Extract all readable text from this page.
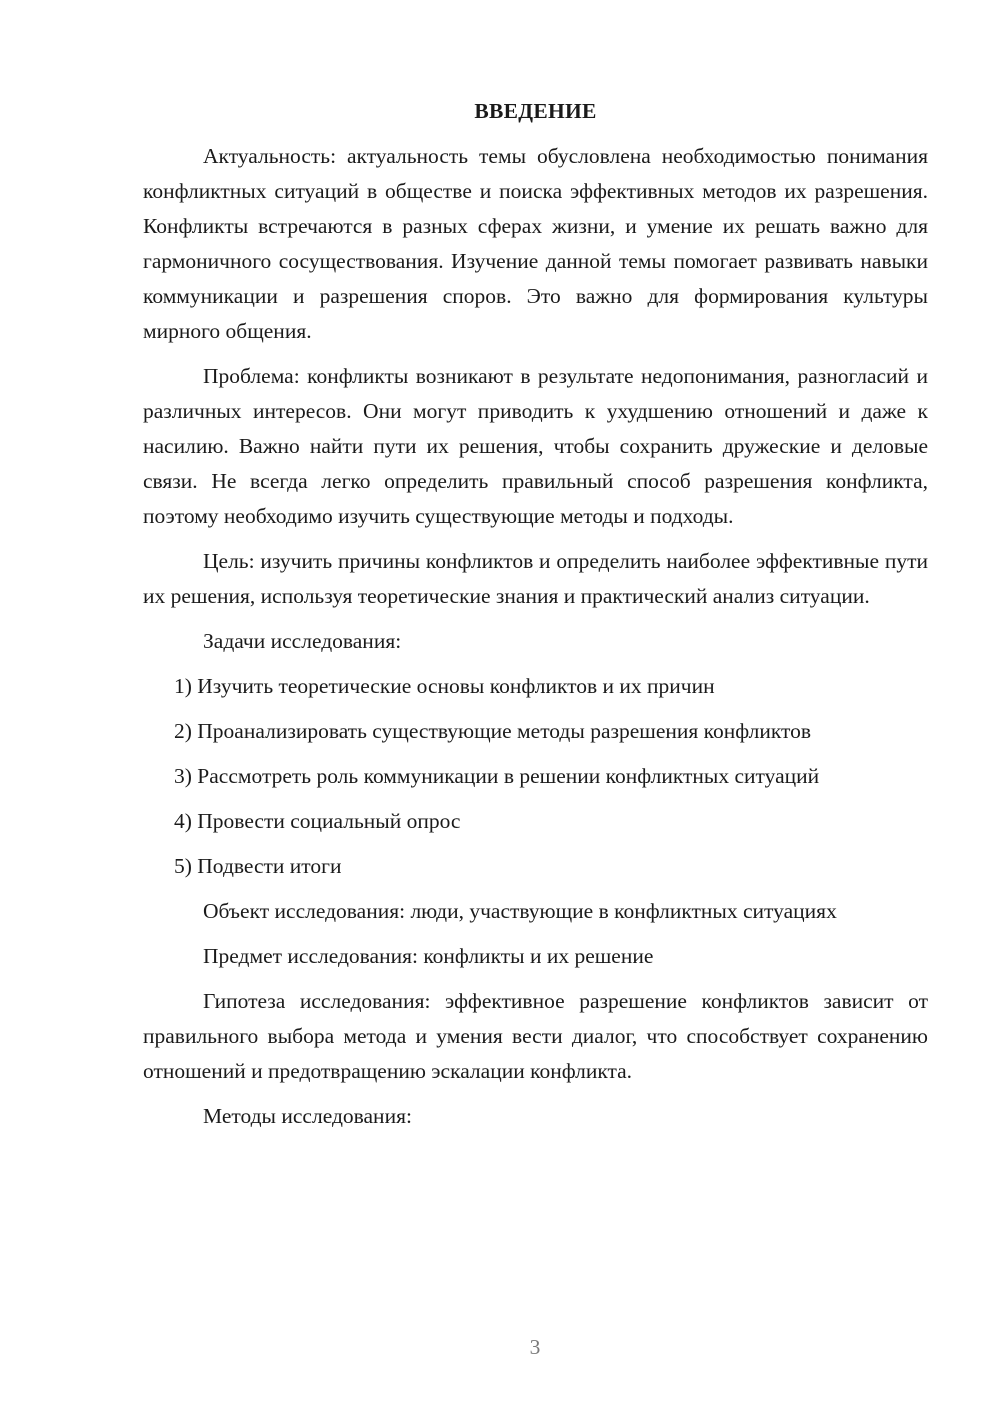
ВВЕДЕНИЕ

Актуальность: актуальность темы обусловлена необходимостью понимания конфликтных ситуаций в обществе и поиска эффективных методов их разрешения. Конфликты встречаются в разных сферах жизни, и умение их решать важно для гармоничного сосуществования. Изучение данной темы помогает развивать навыки коммуникации и разрешения споров. Это важно для формирования культуры мирного общения.

Проблема: конфликты возникают в результате недопонимания, разногласий и различных интересов. Они могут приводить к ухудшению отношений и даже к насилию. Важно найти пути их решения, чтобы сохранить дружеские и деловые связи. Не всегда легко определить правильный способ разрешения конфликта, поэтому необходимо изучить существующие методы и подходы.

Цель: изучить причины конфликтов и определить наиболее эффективные пути их решения, используя теоретические знания и практический анализ ситуации.

Задачи исследования:

1) Изучить теоретические основы конфликтов и их причин
2) Проанализировать существующие методы разрешения конфликтов
3) Рассмотреть роль коммуникации в решении конфликтных ситуаций
4) Провести социальный опрос
5) Подвести итоги

Объект исследования: люди, участвующие в конфликтных ситуациях

Предмет исследования: конфликты и их решение

Гипотеза исследования: эффективное разрешение конфликтов зависит от правильного выбора метода и умения вести диалог, что способствует сохранению отношений и предотвращению эскалации конфликта.

Методы исследования:

3
